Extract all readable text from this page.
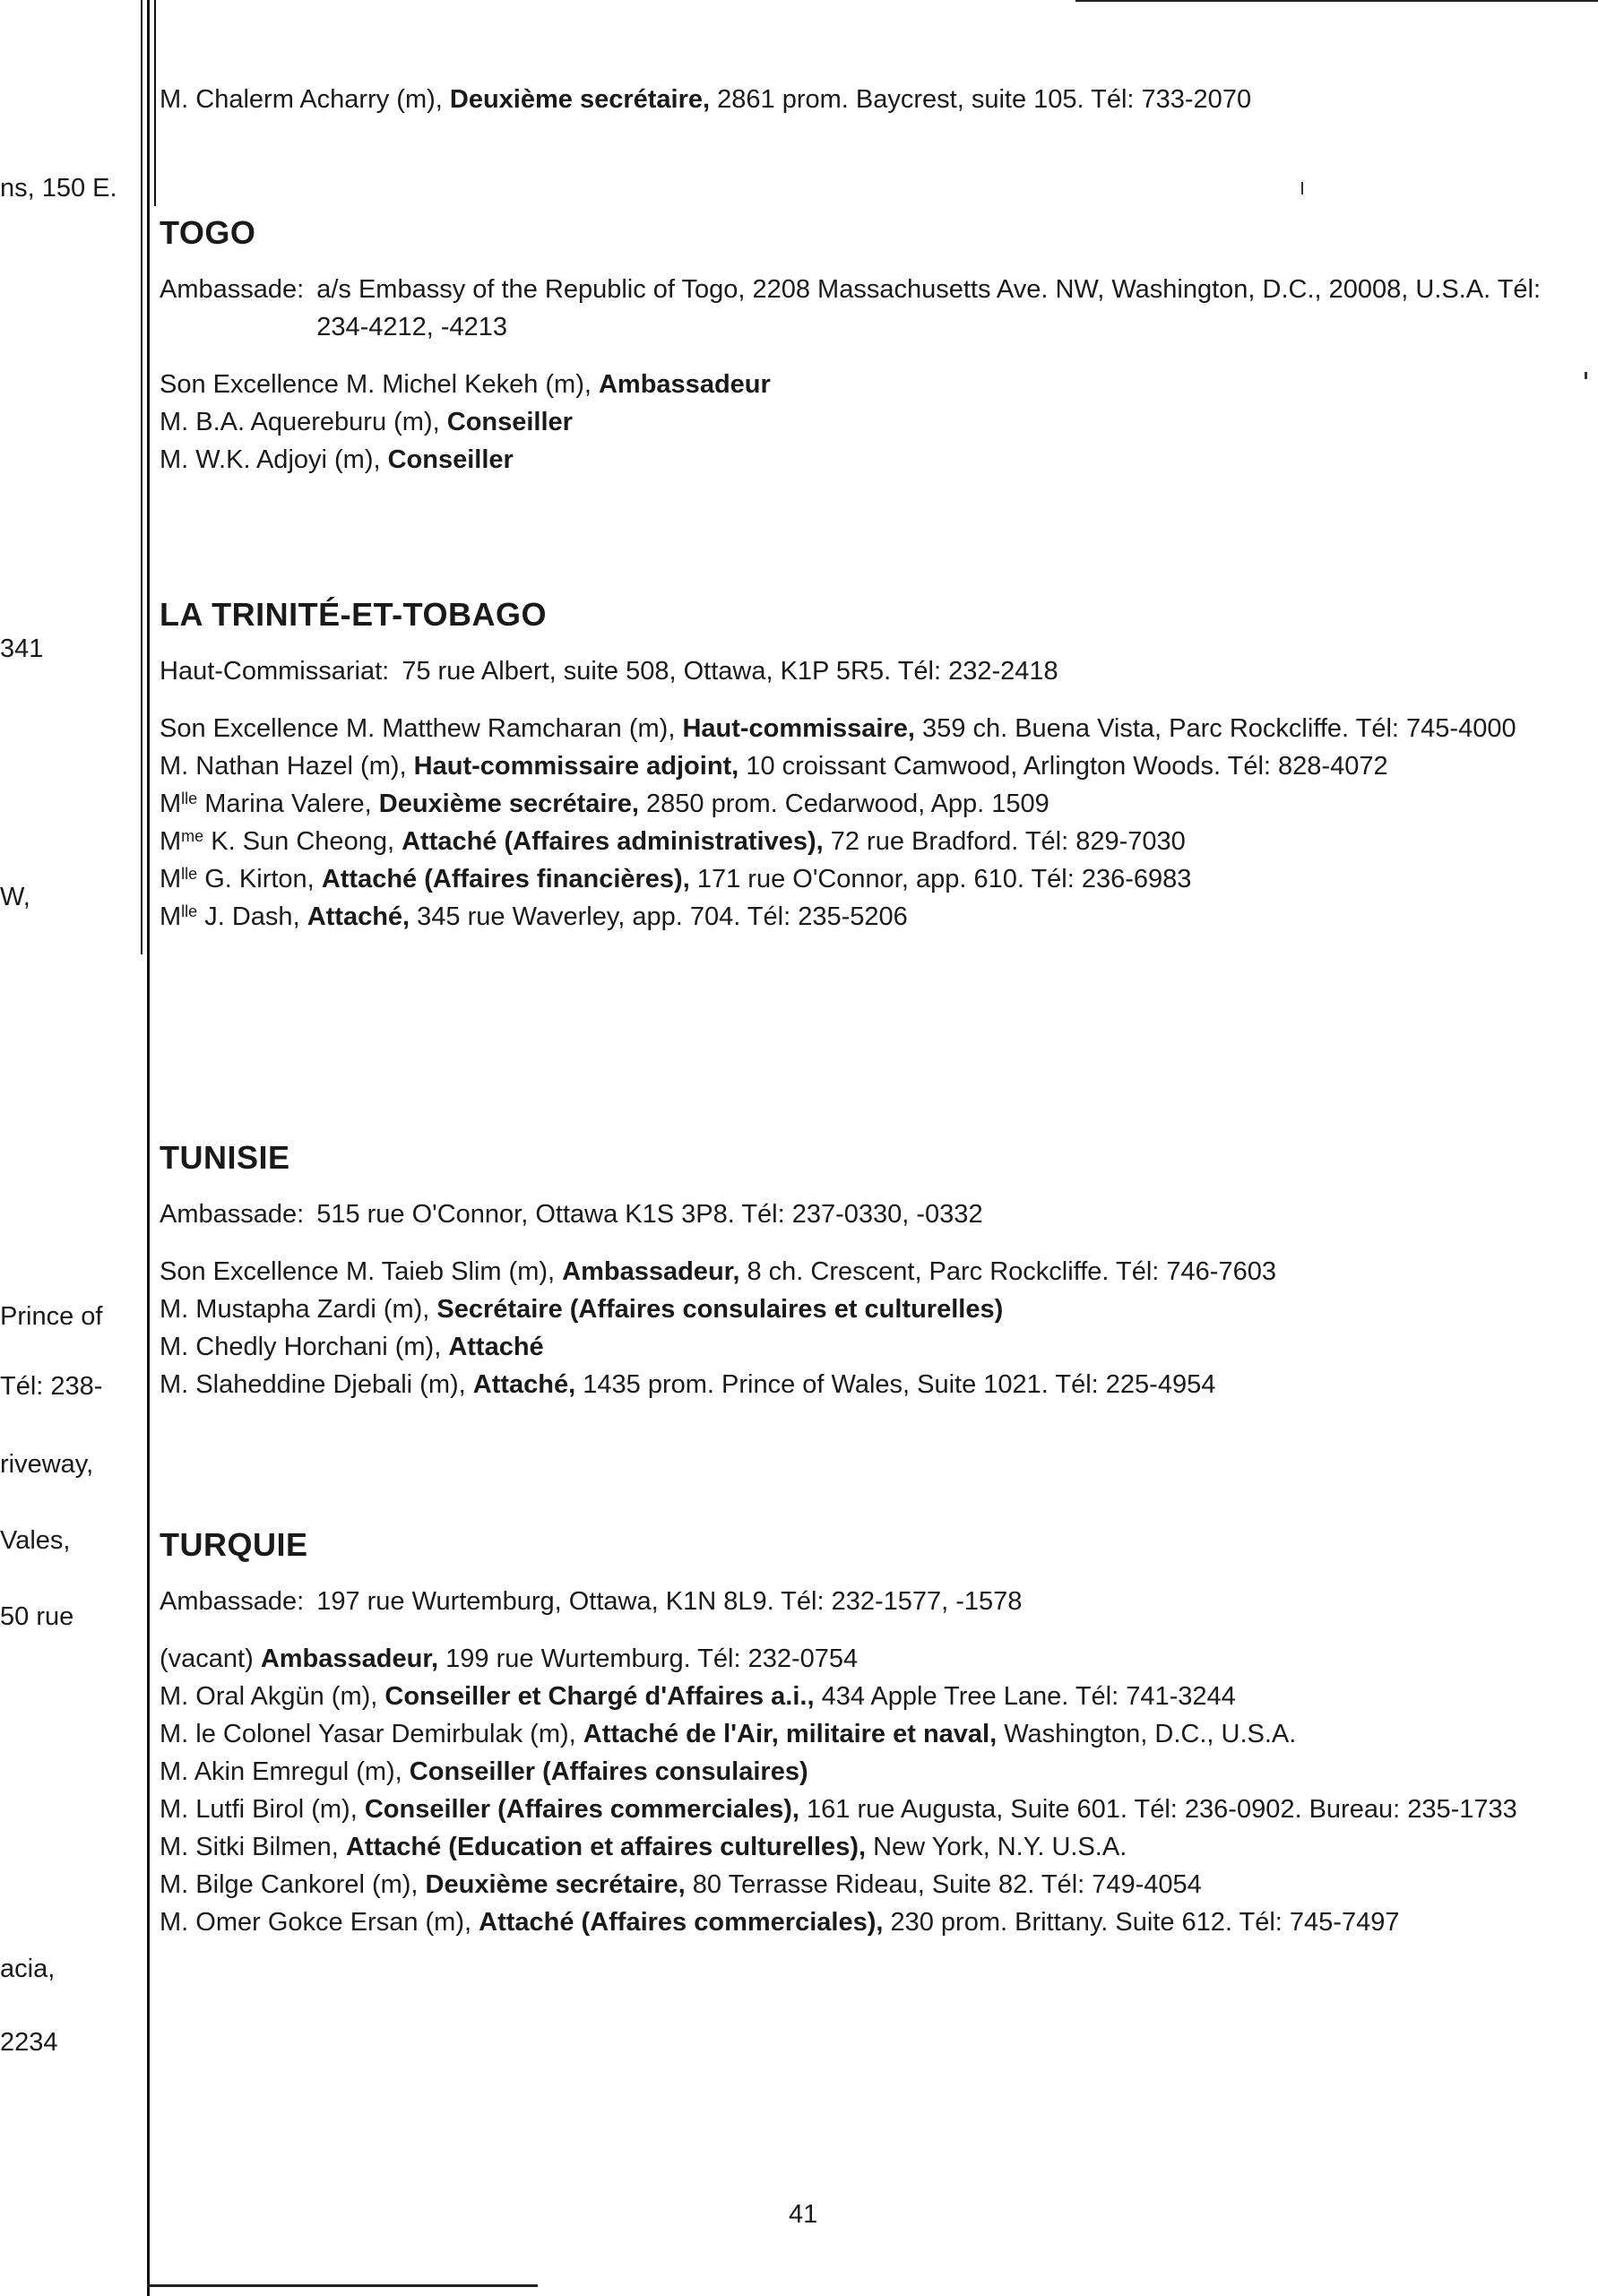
ns, 150 E.
341
W,
Prince of
Tél: 238-
riveway,
Vales,
50 rue
acia,
2234
M. Chalerm Acharry (m), Deuxième secrétaire, 2861 prom. Baycrest, suite 105. Tél: 733-2070
TOGO
Ambassade: a/s Embassy of the Republic of Togo, 2208 Massachusetts Ave. NW, Washington, D.C., 20008, U.S.A. Tél: 234-4212, -4213
Son Excellence M. Michel Kekeh (m), Ambassadeur
M. B.A. Aquereburu (m), Conseiller
M. W.K. Adjoyi (m), Conseiller
LA TRINITÉ-ET-TOBAGO
Haut-Commissariat: 75 rue Albert, suite 508, Ottawa, K1P 5R5. Tél: 232-2418
Son Excellence M. Matthew Ramcharan (m), Haut-commissaire, 359 ch. Buena Vista, Parc Rockcliffe. Tél: 745-4000
M. Nathan Hazel (m), Haut-commissaire adjoint, 10 croissant Camwood, Arlington Woods. Tél: 828-4072
$M^{lle}$ Marina Valere, Deuxième secrétaire, 2850 prom. Cedarwood, App. 1509
$M^{me}$ K. Sun Cheong, Attaché (Affaires administratives), 72 rue Bradford. Tél: 829-7030
$M^{lle}$ G. Kirton, Attaché (Affaires financières), 171 rue O'Connor, app. 610. Tél: 236-6983
$M^{lle}$ J. Dash, Attaché, 345 rue Waverley, app. 704. Tél: 235-5206
TUNISIE
Ambassade: 515 rue O'Connor, Ottawa K1S 3P8. Tél: 237-0330, -0332
Son Excellence M. Taieb Slim (m), Ambassadeur, 8 ch. Crescent, Parc Rockcliffe. Tél: 746-7603
M. Mustapha Zardi (m), Secrétaire (Affaires consulaires et culturelles)
M. Chedly Horchani (m), Attaché
M. Slaheddine Djebali (m), Attaché, 1435 prom. Prince of Wales, Suite 1021. Tél: 225-4954
TURQUIE
Ambassade: 197 rue Wurtemburg, Ottawa, K1N 8L9. Tél: 232-1577, -1578
(vacant) Ambassadeur, 199 rue Wurtemburg. Tél: 232-0754
M. Oral Akgün (m), Conseiller et Chargé d'Affaires a.i., 434 Apple Tree Lane. Tél: 741-3244
M. le Colonel Yasar Demirbulak (m), Attaché de l'Air, militaire et naval, Washington, D.C., U.S.A.
M. Akin Emregul (m), Conseiller (Affaires consulaires)
M. Lutfi Birol (m), Conseiller (Affaires commerciales), 161 rue Augusta, Suite 601. Tél: 236-0902. Bureau: 235-1733
M. Sitki Bilmen, Attaché (Education et affaires culturelles), New York, N.Y. U.S.A.
M. Bilge Cankorel (m), Deuxième secrétaire, 80 Terrasse Rideau, Suite 82. Tél: 749-4054
M. Omer Gokce Ersan (m), Attaché (Affaires commerciales), 230 prom. Brittany. Suite 612. Tél: 745-7497
41
